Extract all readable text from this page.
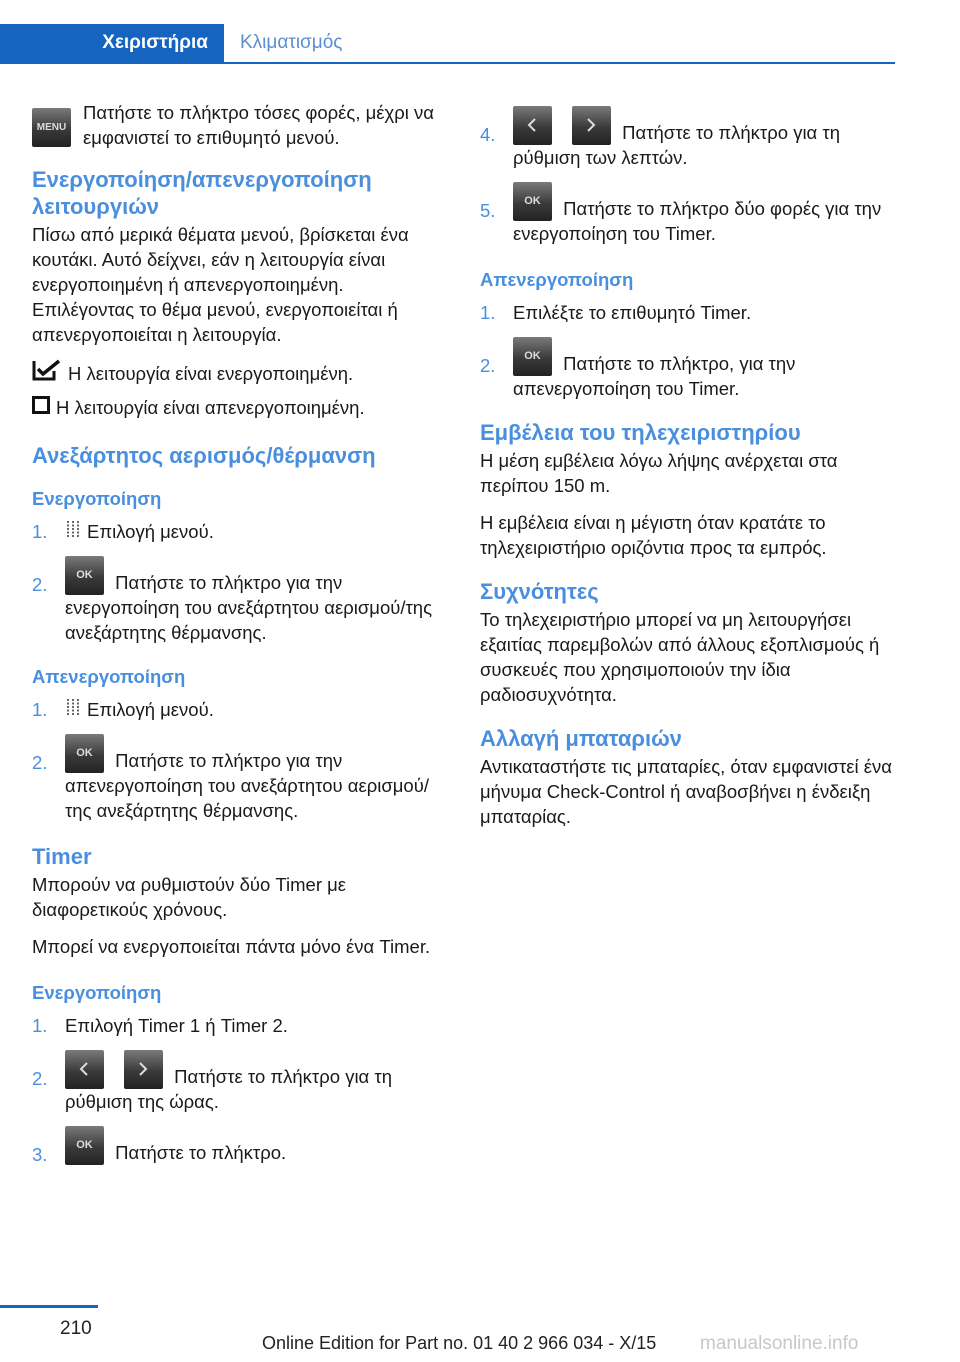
Χειριστήρια	Κλιματισμός
MENU
Πατήστε το πλήκτρο τόσες φορές, μέχρι να εμφανιστεί το επιθυμητό μενού.
Ενεργοποίηση/απενεργοποίηση λειτουργιών

Πίσω από μερικά θέματα μενού, βρίσκεται ένα κουτάκι. Αυτό δείχνει, εάν η λειτουργία είναι ενεργοποιημένη ή απενεργοποιημένη. Επιλέγοντας το θέμα μενού, ενεργοποιείται ή απενεργοποιείται η λειτουργία.

Η λειτουργία είναι ενεργοποιημένη.
Η λειτουργία είναι απενεργοποιημένη.
Ανεξάρτητος αερισμός/θέρμανση
Ενεργοποίηση
1.	Επιλογή μενού.
2.	OK Πατήστε το πλήκτρο για την ενεργοποίηση του ανεξάρτητου αερισμού/της ανεξάρτητης θέρμανσης.
Απενεργοποίηση
1.	Επιλογή μενού.
2.	OK Πατήστε το πλήκτρο για την απενεργοποίηση του ανεξάρτητου αερισμού/της ανεξάρτητης θέρμανσης.
Timer

Μπορούν να ρυθμιστούν δύο Timer με διαφορετικούς χρόνους.

Μπορεί να ενεργοποιείται πάντα μόνο ένα Timer.

Ενεργοποίηση
1. Επιλογή Timer 1 ή Timer 2.
2.	Πατήστε το πλήκτρο για τη ρύθμιση της ώρας.
3.	OK Πατήστε το πλήκτρο.
4.	Πατήστε το πλήκτρο για τη ρύθμιση των λεπτών.
5.	OK Πατήστε το πλήκτρο δύο φορές για την ενεργοποίηση του Timer.
Απενεργοποίηση
1. Επιλέξτε το επιθυμητό Timer.
2.	OK Πατήστε το πλήκτρο, για την απενεργοποίηση του Timer.
Εμβέλεια του τηλεχειριστηρίου

Η μέση εμβέλεια λόγω λήψης ανέρχεται στα περίπου 150 m.

Η εμβέλεια είναι η μέγιστη όταν κρατάτε το τηλεχειριστήριο οριζόντια προς τα εμπρός.

Συχνότητες

Το τηλεχειριστήριο μπορεί να μη λειτουργήσει εξαιτίας παρεμβολών από άλλους εξοπλισμούς ή συσκευές που χρησιμοποιούν την ίδια ραδιοσυχνότητα.

Αλλαγή μπαταριών

Αντικαταστήστε τις μπαταρίες, όταν εμφανιστεί ένα μήνυμα Check-Control ή αναβοσβήνει η ένδειξη μπαταρίας.

210
Online Edition for Part no. 01 40 2 966 034 - X/15 manualsonline.info
